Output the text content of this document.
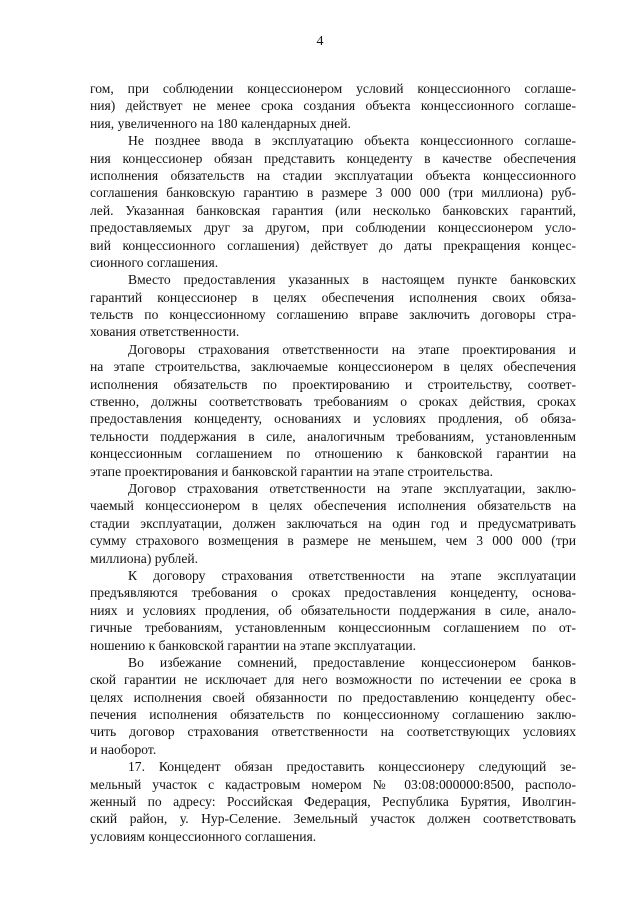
4
гом, при соблюдении концессионером условий концессионного соглаше-
ния) действует не менее срока создания объекта концессионного соглаше-
ния, увеличенного на 180 календарных дней.
Не позднее ввода в эксплуатацию объекта концессионного соглаше-
ния концессионер обязан представить концеденту в качестве обеспечения
исполнения обязательств на стадии эксплуатации объекта концессионного
соглашения банковскую гарантию в размере 3 000 000 (три миллиона) руб-
лей. Указанная банковская гарантия (или несколько банковских гарантий,
предоставляемых друг за другом, при соблюдении концессионером усло-
вий концессионного соглашения) действует до даты прекращения концес-
сионного соглашения.
Вместо предоставления указанных в настоящем пункте банковских
гарантий концессионер в целях обеспечения исполнения своих обяза-
тельств по концессионному соглашению вправе заключить договоры стра-
хования ответственности.
Договоры страхования ответственности на этапе проектирования и
на этапе строительства, заключаемые концессионером в целях обеспечения
исполнения обязательств по проектированию и строительству, соответ-
ственно, должны соответствовать требованиям о сроках действия, сроках
предоставления концеденту, основаниях и условиях продления, об обяза-
тельности поддержания в силе, аналогичным требованиям, установленным
концессионным соглашением по отношению к банковской гарантии на
этапе проектирования и банковской гарантии на этапе строительства.
Договор страхования ответственности на этапе эксплуатации, заклю-
чаемый концессионером в целях обеспечения исполнения обязательств на
стадии эксплуатации, должен заключаться на один год и предусматривать
сумму страхового возмещения в размере не меньшем, чем 3 000 000 (три
миллиона) рублей.
К договору страхования ответственности на этапе эксплуатации
предъявляются требования о сроках предоставления концеденту, основа-
ниях и условиях продления, об обязательности поддержания в силе, анало-
гичные требованиям, установленным концессионным соглашением по от-
ношению к банковской гарантии на этапе эксплуатации.
Во избежание сомнений, предоставление концессионером банков-
ской гарантии не исключает для него возможности по истечении ее срока в
целях исполнения своей обязанности по предоставлению концеденту обес-
печения исполнения обязательств по концессионному соглашению заклю-
чить договор страхования ответственности на соответствующих условиях
и наоборот.
17. Концедент обязан предоставить концессионеру следующий зе-
мельный участок с кадастровым номером № 03:08:000000:8500, располо-
женный по адресу: Российская Федерация, Республика Бурятия, Иволгин-
ский район, у. Нур-Селение. Земельный участок должен соответствовать
условиям концессионного соглашения.
